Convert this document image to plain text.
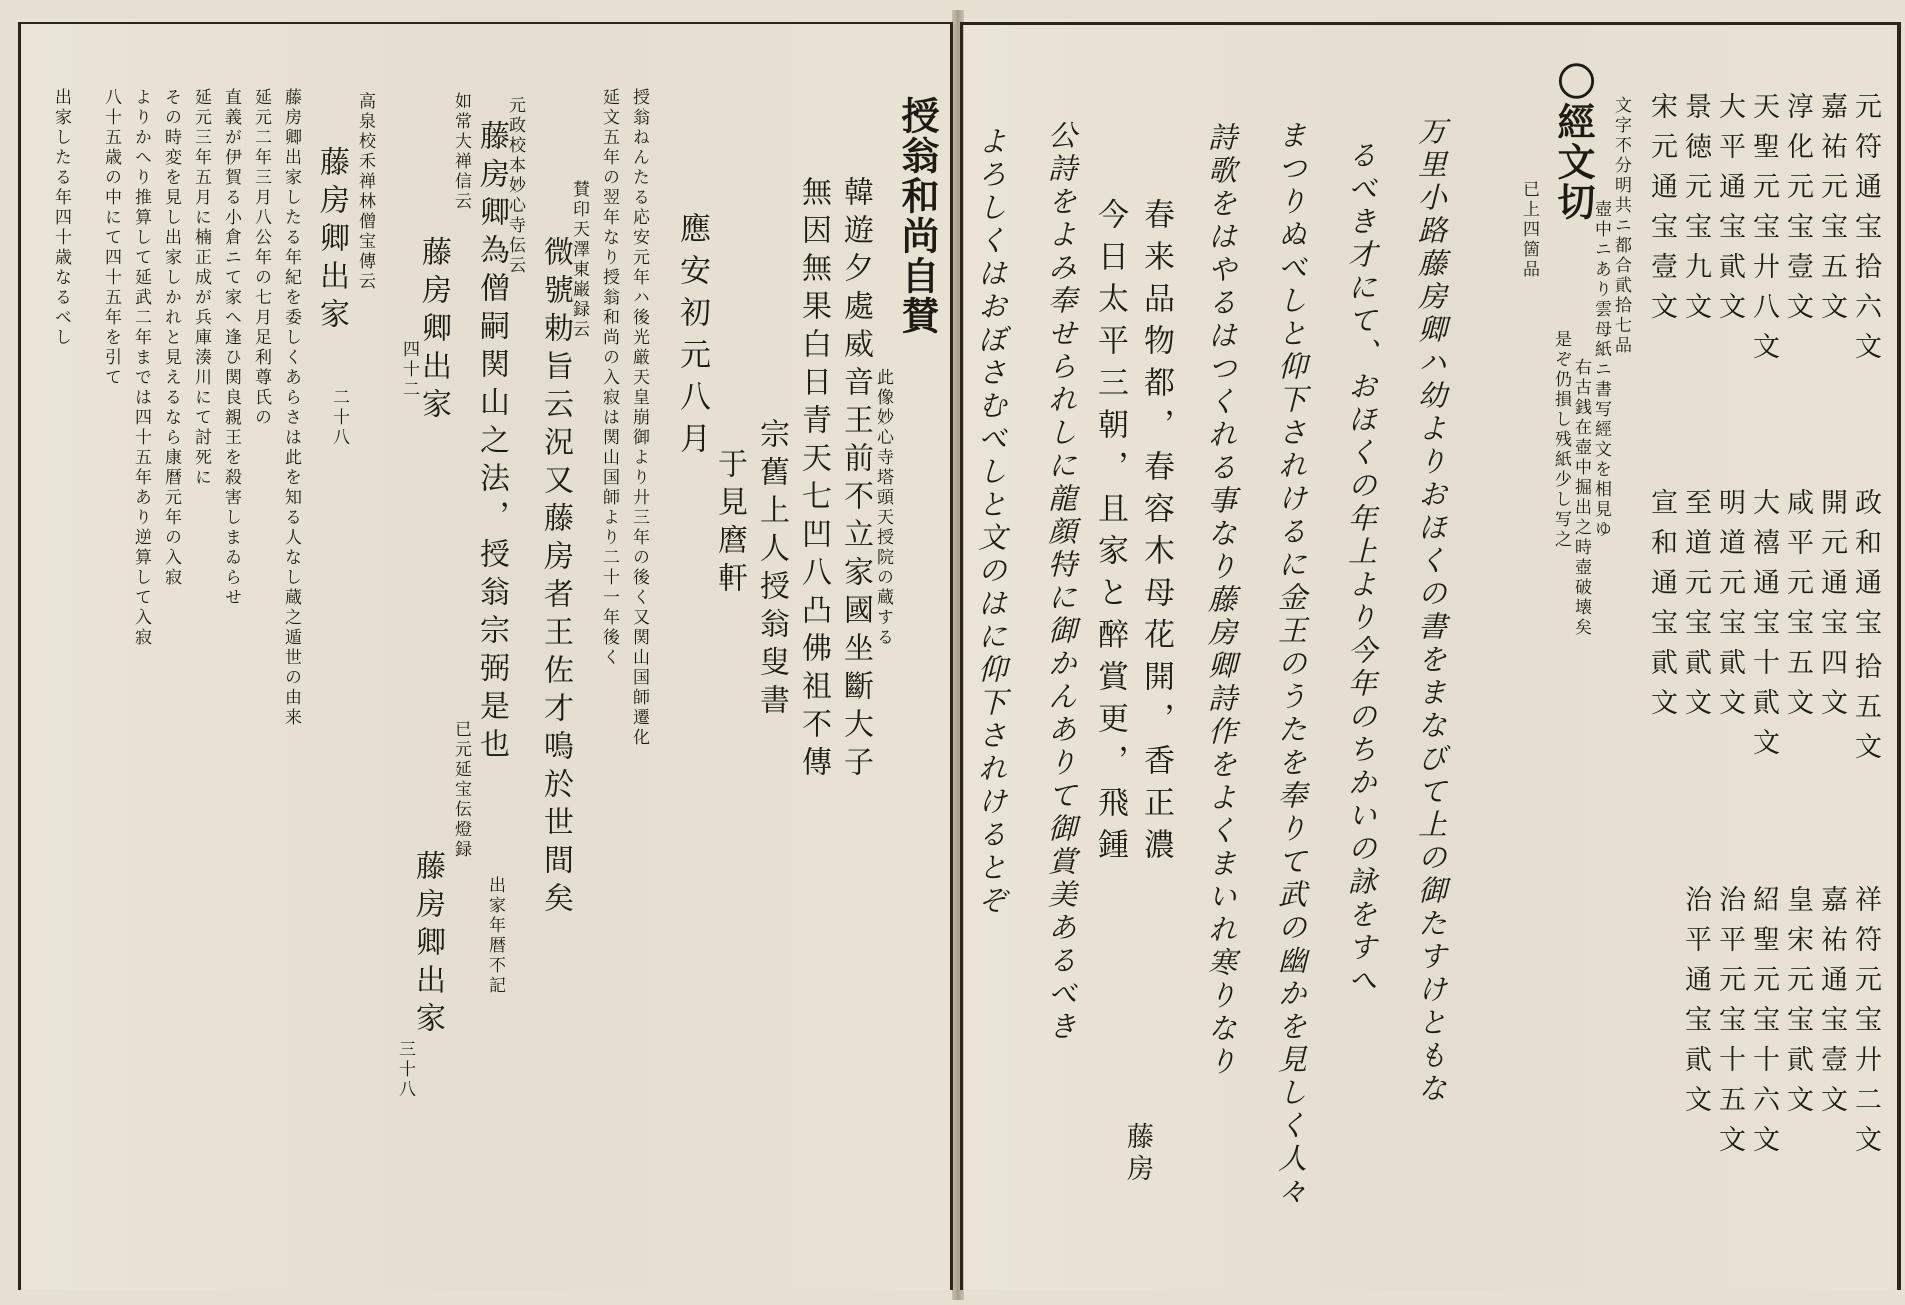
元符通宝拾六文
嘉祐元宝五文
淳化元宝壹文
天聖元宝廾八文
大平通宝貮文
景徳元宝九文
宋元通宝壹文
政和通宝
拾五文
開元通宝四文
咸平元宝五文
大禧通宝十貮文
明道元宝貮文
至道元宝貮文
宣和通宝貮文
祥符元宝廾二文
嘉祐通宝壹文
皇宋元宝貮文
紹聖元宝十六文
治平元宝十五文
治平通宝貮文
文字不分明共ニ都合貮拾七品
已上四箇品
〇經文切
壺中ニあり雲母紙ニ書写經文を相見ゆ
右古銭在壺中掘出之時壺破壊矣
是ぞ仍損し残紙少し写之
万里小路藤房卿ハ幼よりおほくの書をまなびて上の御たすけともな
るべき才にて、おほくの年上より今年のちかいの詠をすへ
まつりぬべしと仰下されけるに金王のうたを奉りて武の幽かを見しく人々
詩歌をはやるはつくれる事なり藤房卿詩作をよくまいれ寒りなり
公詩をよみ奉せられしに龍顔特に御かんありて御賞美あるべき
よろしくはおぼさむべしと文のはに仰下されけるとぞ	春来品物都，春容木母花開，香正濃
今日太平三朝，且家と醉賞更，飛鍾
藤房
授翁和尚自賛
此像妙心寺塔頭天授院の蔵する
韓遊夕處威音王前不立家國坐斷大子
無因無果白日青天七凹八凸佛祖不傳
宗舊上人授翁叟書
于見麿軒
應安初元八月
授翁ねんたる応安元年ハ後光厳天皇崩御より廾三年の後く又関山国師遷化
延文五年の翌年なり授翁和尚の入寂は関山国師より二十一年後く
賛印天澤東巌録云
元政校本妙心寺伝云
微號勅旨云況又藤房者王佐才鳴於世間矣
藤房卿為僧嗣関山之法，授翁宗弼是也
已元延宝伝燈録
出家年暦不記
藤房卿出家
三十八
如常大禅信云
藤房卿出家
四十二
高泉校禾禅林僧宝傳云
藤房卿出家
二十八
藤房卿出家したる年紀を委しくあらさは此を知る人なし蔵之遁世の由来
延元二年三月八公年の七月足利尊氏の
直義が伊賀る小倉ニて家へ逢ひ関良親王を殺害しまゐらせ
延元三年五月に楠正成が兵庫湊川にて討死に
その時変を見し出家しかれと見えるなら康暦元年の入寂
よりかへり推算して延武二年までは四十五年あり逆算して入寂
八十五歳の中にて四十五年を引て
出家したる年四十歳なるべし
